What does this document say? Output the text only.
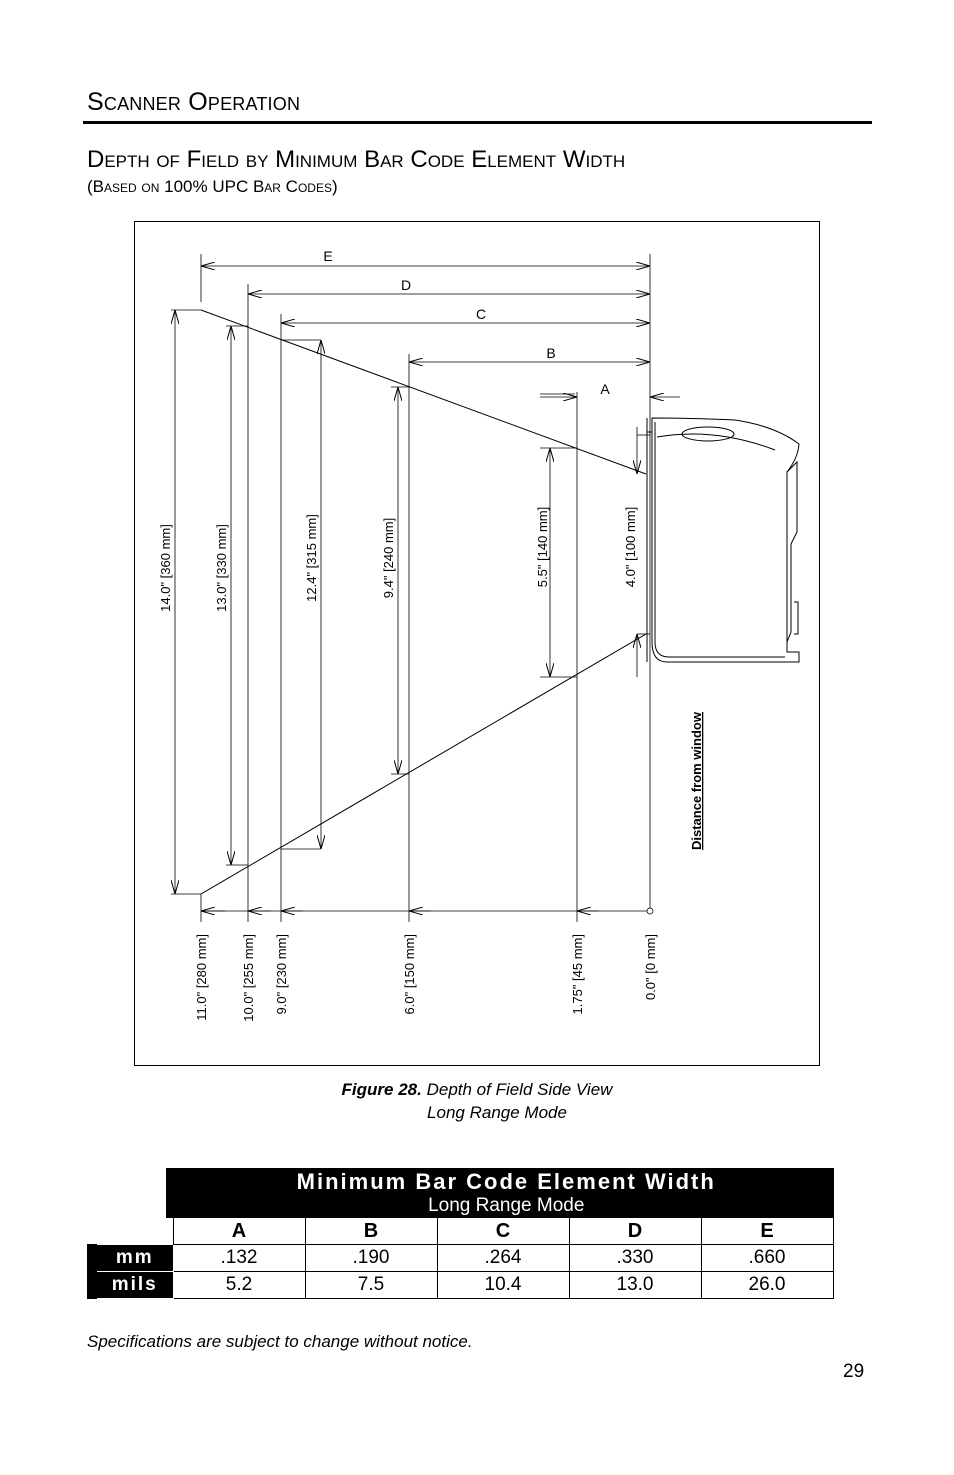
Scanner Operation
Depth of Field by Minimum Bar Code Element Width
(Based on 100% UPC Bar Codes)
E
D
C
B
A
14.0" [360 mm]	13.0" [330 mm]	12.4" [315 mm]	9.4" [240 mm]	5.5" [140 mm]	4.0" [100 mm]
11.0" [280 mm] 10.0" [255 mm] 9.0" [230 mm]	6.0" [150 mm]	1.75" [45 mm]	0.0" [0 mm]
Distance from window
Figure 28. Depth of Field Side View
Long Range Mode

	Minimum Bar Code Element Width
Long Range Mode				

	A	B	C	D	E
mm	.132	.190	.264	.330	.660
mils	5.2	7.5	10.4	13.0	26.0
Specifications are subject to change without notice.
29
